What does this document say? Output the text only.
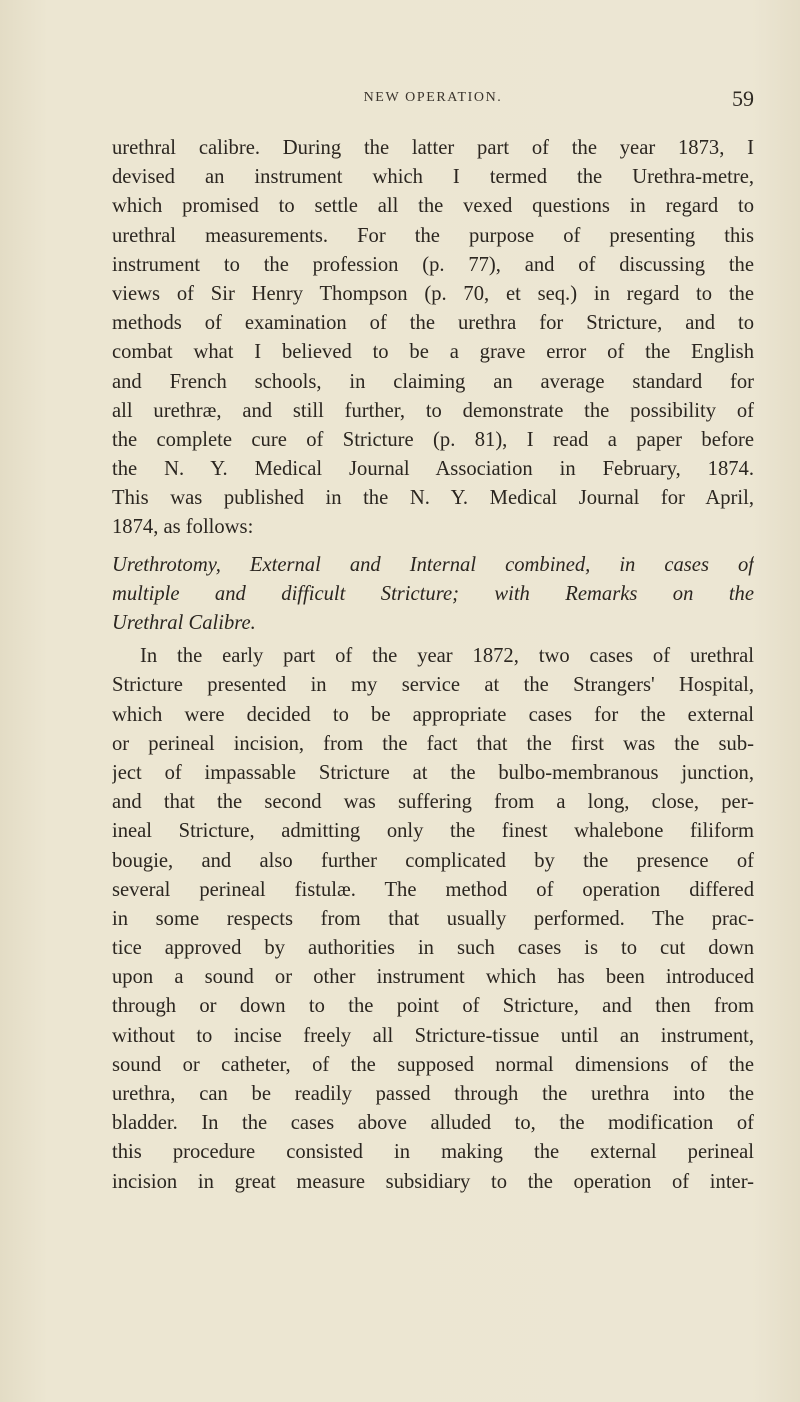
NEW OPERATION.	59
urethral calibre. During the latter part of the year 1873, I
devised an instrument which I termed the Urethra-metre,
which promised to settle all the vexed questions in regard to
urethral measurements. For the purpose of presenting this
instrument to the profession (p. 77), and of discussing the
views of Sir Henry Thompson (p. 70, et seq.) in regard to the
methods of examination of the urethra for Stricture, and to
combat what I believed to be a grave error of the English
and French schools, in claiming an average standard for
all urethræ, and still further, to demonstrate the possibility of
the complete cure of Stricture (p. 81), I read a paper before
the N. Y. Medical Journal Association in February, 1874.
This was published in the N. Y. Medical Journal for April,
1874, as follows:
Urethrotomy, External and Internal combined, in cases of
multiple and difficult Stricture; with Remarks on the
Urethral Calibre.
In the early part of the year 1872, two cases of urethral
Stricture presented in my service at the Strangers' Hospital,
which were decided to be appropriate cases for the external
or perineal incision, from the fact that the first was the sub-
ject of impassable Stricture at the bulbo-membranous junction,
and that the second was suffering from a long, close, per-
ineal Stricture, admitting only the finest whalebone filiform
bougie, and also further complicated by the presence of
several perineal fistulæ. The method of operation differed
in some respects from that usually performed. The prac-
tice approved by authorities in such cases is to cut down
upon a sound or other instrument which has been introduced
through or down to the point of Stricture, and then from
without to incise freely all Stricture-tissue until an instrument,
sound or catheter, of the supposed normal dimensions of the
urethra, can be readily passed through the urethra into the
bladder. In the cases above alluded to, the modification of
this procedure consisted in making the external perineal
incision in great measure subsidiary to the operation of inter-
